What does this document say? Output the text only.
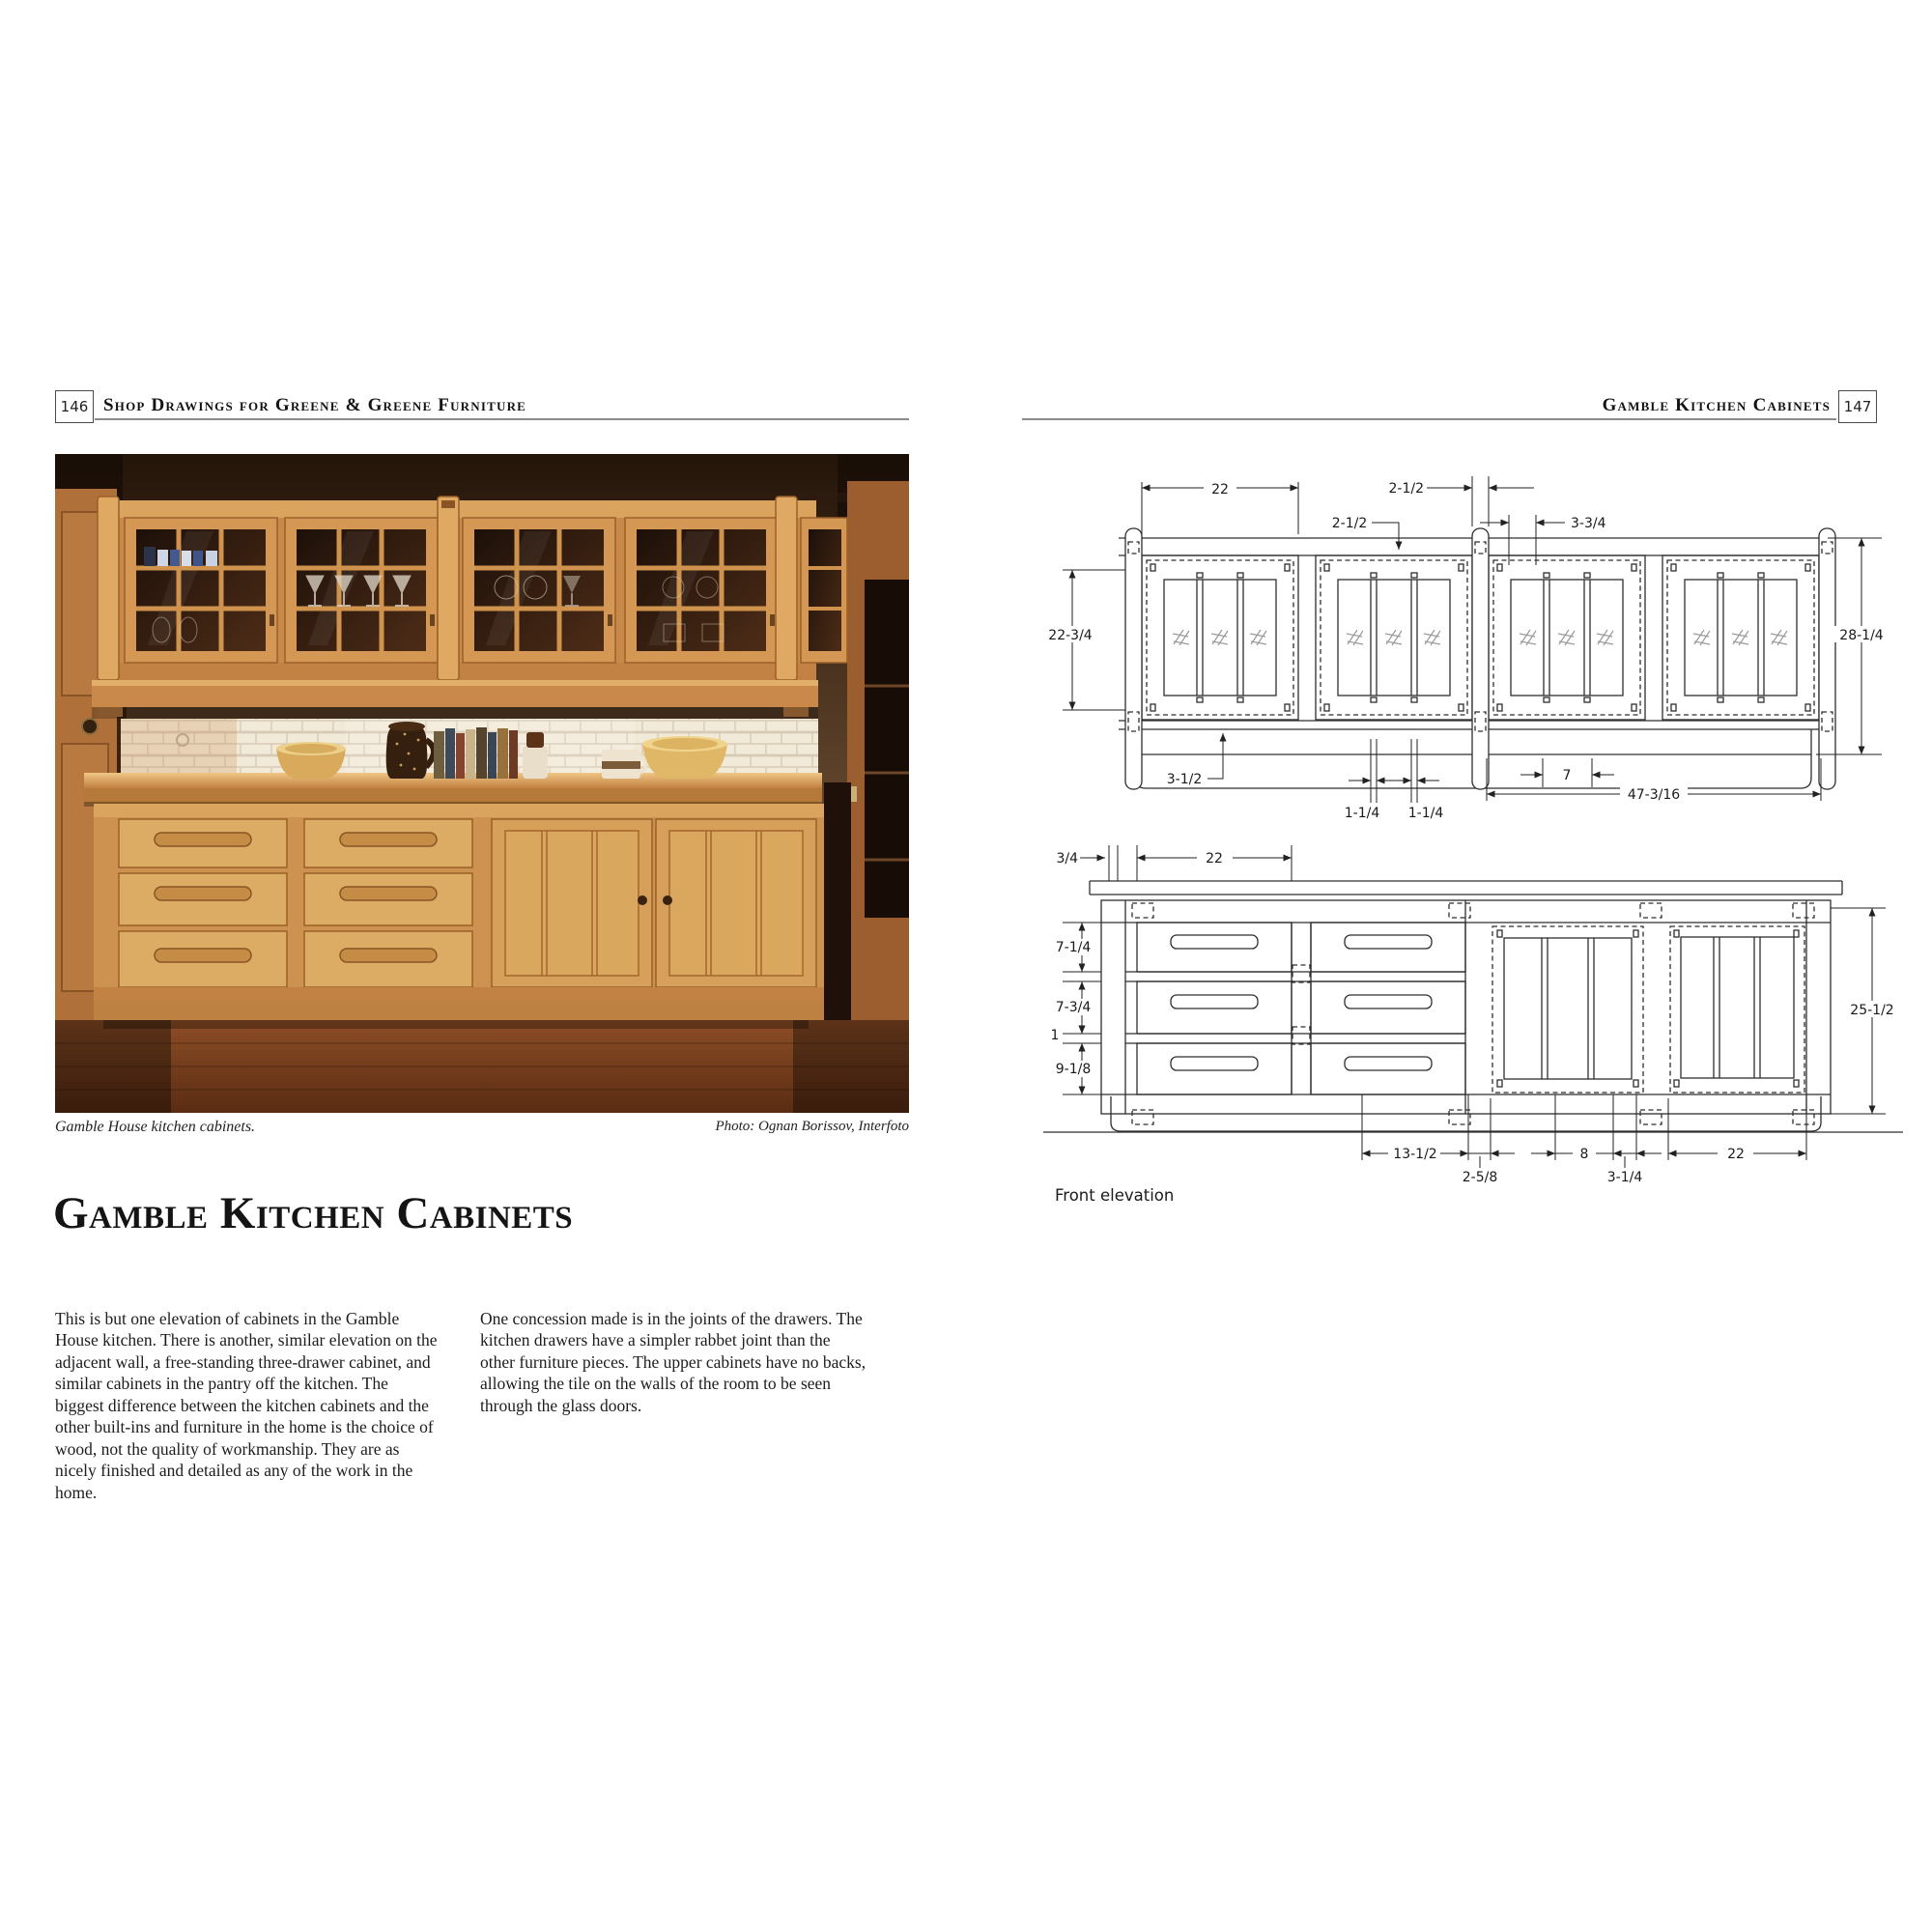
146 Shop Drawings for Greene & Greene Furniture	Gamble Kitchen Cabinets 147
Gamble House kitchen cabinets.	Photo: Ognan Borissov, Interfoto
Gamble Kitchen Cabinets

This is but one elevation of cabinets in the Gamble House kitchen. There is another, similar elevation on the adjacent wall, a free-standing three-drawer cabinet, and similar cabinets in the pantry off the kitchen. The biggest difference between the kitchen cabinets and the other built-ins and furniture in the home is the choice of wood, not the quality of workmanship. They are as nicely finished and detailed as any of the work in the home.

One concession made is in the joints of the drawers. The kitchen drawers have a simpler rabbet joint than the other furniture pieces. The upper cabinets have no backs, allowing the tile on the walls of the room to be seen through the glass doors.

22	2-1/2
2-1/2	3-3/4
22-3/4	28-1/4
3-1/2
1-1/4 1-1/4
7
47-3/16
3/4	22
7-1/4
7-3/4
1
9-1/8
25-1/2
13-1/2
2-5/8
8
3-1/4
22
Front elevation
